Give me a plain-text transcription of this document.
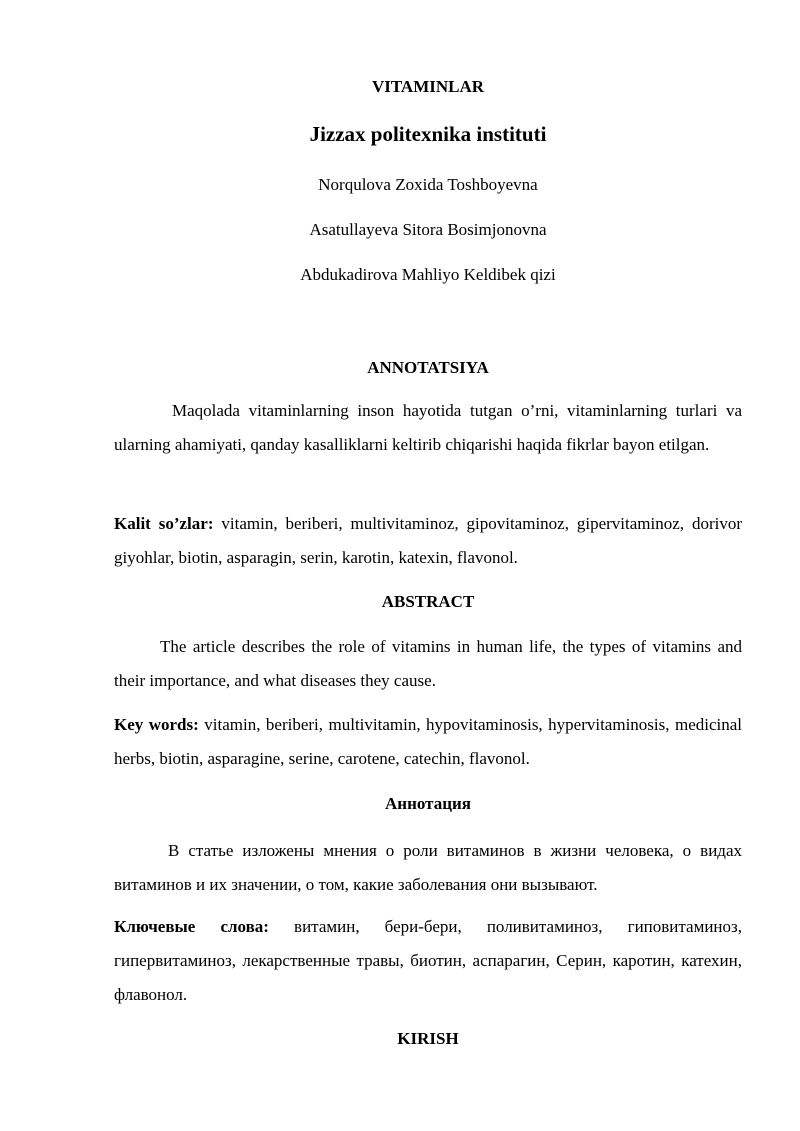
VITAMINLAR

Jizzax politexnika instituti

Norqulova Zoxida Toshboyevna

Asatullayeva Sitora Bosimjonovna

Abdukadirova Mahliyo Keldibek qizi

ANNOTATSIYA

Maqolada vitaminlarning inson hayotida tutgan o’rni, vitaminlarning turlari va ularning ahamiyati, qanday kasalliklarni keltirib chiqarishi haqida fikrlar bayon etilgan.

Kalit so’zlar: vitamin, beriberi, multivitaminoz, gipovitaminoz, gipervitaminoz, dorivor giyohlar, biotin, asparagin, serin, karotin, katexin, flavonol.

ABSTRACT

The article describes the role of vitamins in human life, the types of vitamins and their importance, and what diseases they cause.

Key words: vitamin, beriberi, multivitamin, hypovitaminosis, hypervitaminosis, medicinal herbs, biotin, asparagine, serine, carotene, catechin, flavonol.

Аннотация

В статье изложены мнения о роли витаминов в жизни человека, о видах витаминов и их значении, о том, какие заболевания они вызывают.

Ключевые слова: витамин, бери-бери, поливитаминоз, гиповитаминоз, гипервитаминоз, лекарственные травы, биотин, аспарагин, Серин, каротин, катехин, флавонол.

KIRISH
